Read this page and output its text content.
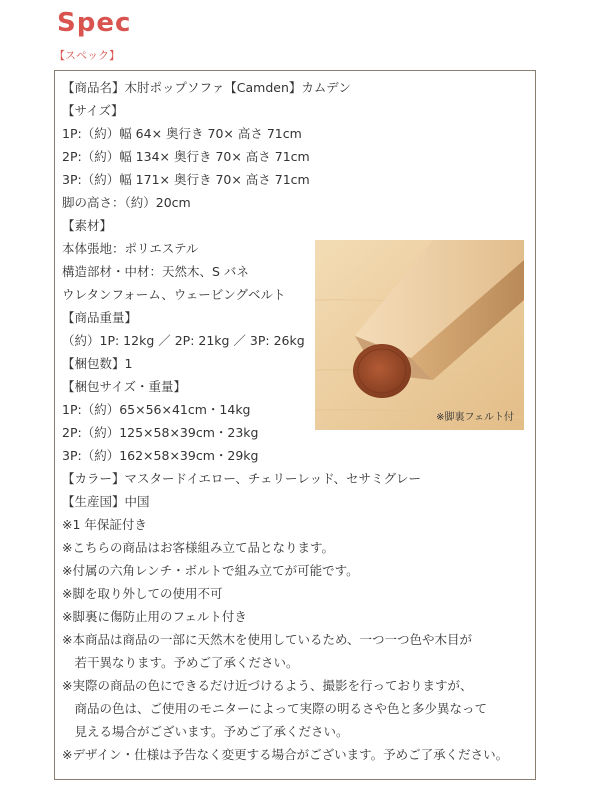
Spec
【スペック】
【商品名】木肘ポップソファ【Camden】カムデン
【サイズ】
1P:（約）幅 64× 奥行き 70× 高さ 71cm
2P:（約）幅 134× 奥行き 70× 高さ 71cm
3P:（約）幅 171× 奥行き 70× 高さ 71cm
脚の高さ：（約）20cm
【素材】
本体張地：ポリエステル
構造部材・中材：天然木、S バネ
ウレタンフォーム、ウェービングベルト
【商品重量】
（約）1P: 12kg ／ 2P: 21kg ／ 3P: 26kg
【梱包数】1
【梱包サイズ・重量】
1P:（約）65×56×41cm・14kg
2P:（約）125×58×39cm・23kg
3P:（約）162×58×39cm・29kg
【カラー】マスタードイエロー、チェリーレッド、セサミグレー
【生産国】中国
※1 年保証付き
※こちらの商品はお客様組み立て品となります。
※付属の六角レンチ・ボルトで組み立てが可能です。
※脚を取り外しての使用不可
※脚裏に傷防止用のフェルト付き
※本商品は商品の一部に天然木を使用しているため、一つ一つ色や木目が
　若干異なります。予めご了承ください。
※実際の商品の色にできるだけ近づけるよう、撮影を行っておりますが、
　商品の色は、ご使用のモニターによって実際の明るさや色と多少異なって
　見える場合がございます。予めご了承ください。
※デザイン・仕様は予告なく変更する場合がございます。予めご了承ください。
※脚裏フェルト付
